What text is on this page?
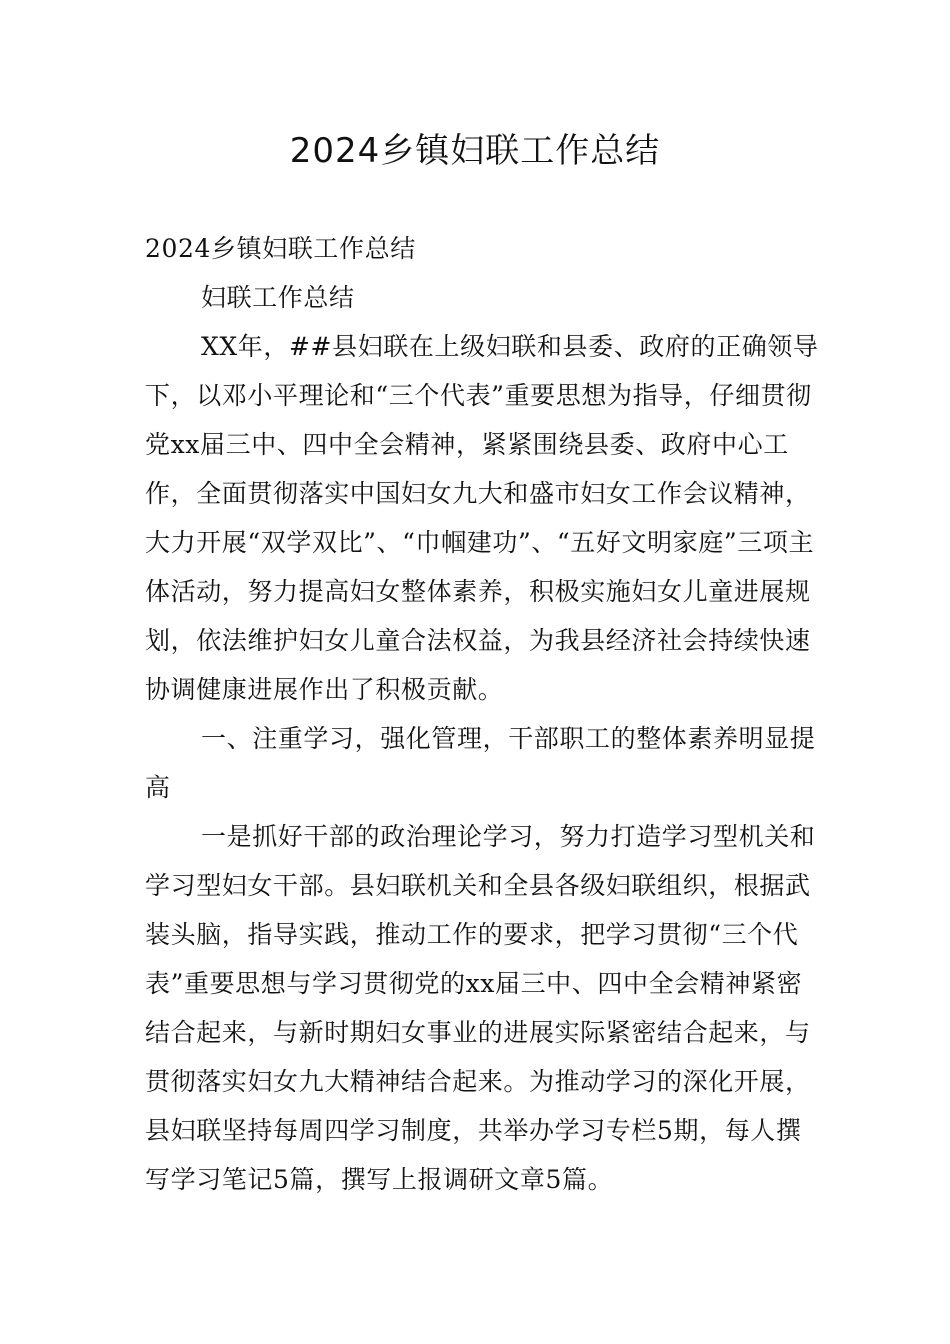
2024乡镇妇联工作总结

2024乡镇妇联工作总结

妇联工作总结

XX年，##县妇联在上级妇联和县委、政府的正确领导下，以邓小平理论和“三个代表”重要思想为指导，仔细贯彻党xx届三中、四中全会精神，紧紧围绕县委、政府中心工作，全面贯彻落实中国妇女九大和盛市妇女工作会议精神，大力开展“双学双比”、“巾帼建功”、“五好文明家庭”三项主体活动，努力提高妇女整体素养，积极实施妇女儿童进展规划，依法维护妇女儿童合法权益，为我县经济社会持续快速协调健康进展作出了积极贡献。

一、注重学习，强化管理，干部职工的整体素养明显提高

一是抓好干部的政治理论学习，努力打造学习型机关和学习型妇女干部。县妇联机关和全县各级妇联组织，根据武装头脑，指导实践，推动工作的要求，把学习贯彻“三个代表”重要思想与学习贯彻党的xx届三中、四中全会精神紧密结合起来，与新时期妇女事业的进展实际紧密结合起来，与贯彻落实妇女九大精神结合起来。为推动学习的深化开展，县妇联坚持每周四学习制度，共举办学习专栏5期，每人撰写学习笔记5篇，撰写上报调研文章5篇。
